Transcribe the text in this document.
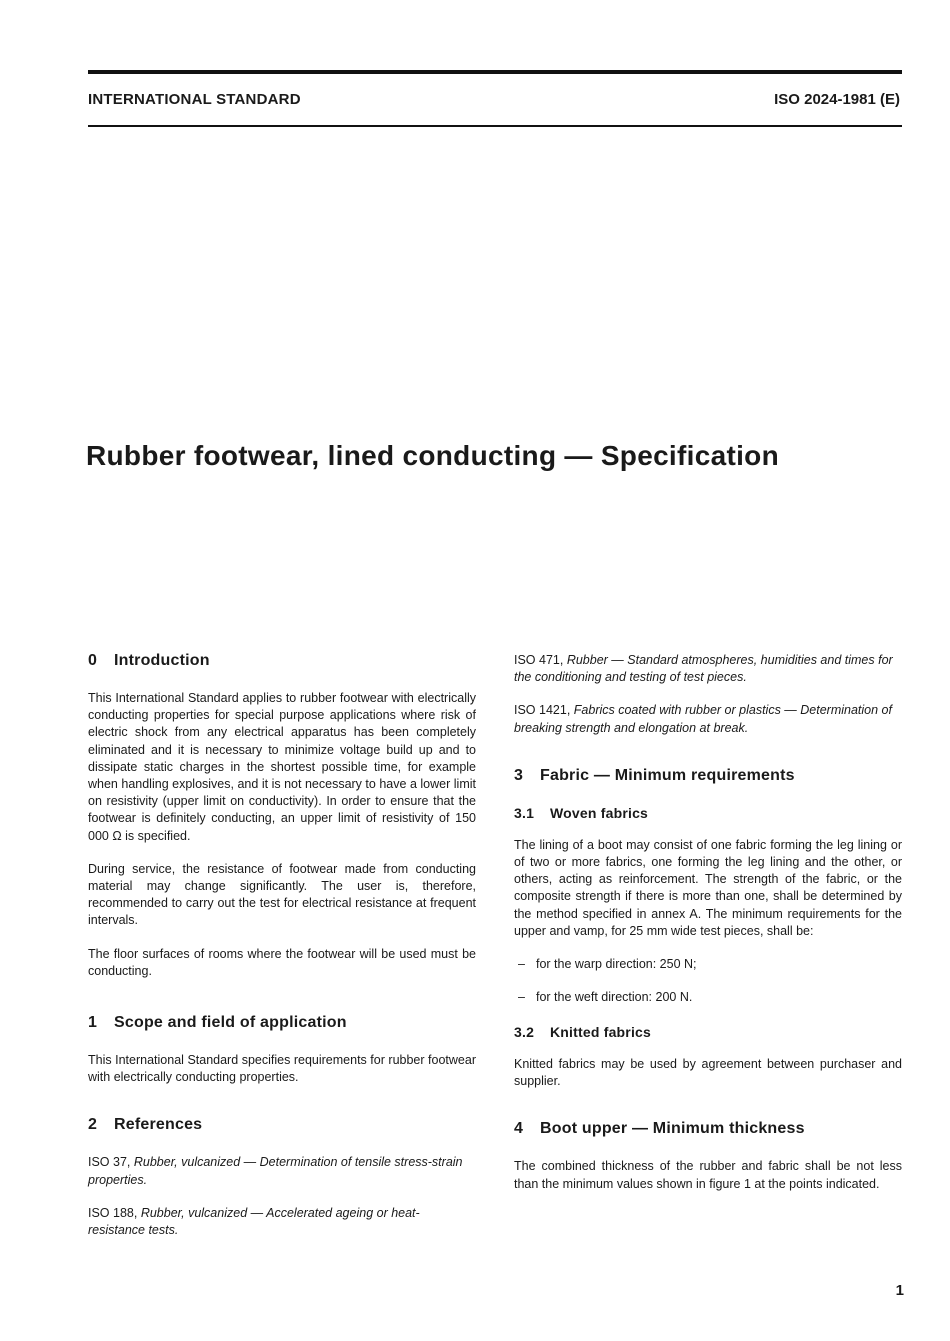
INTERNATIONAL STANDARD	ISO 2024-1981 (E)
Rubber footwear, lined conducting — Specification
0 Introduction

This International Standard applies to rubber footwear with electrically conducting properties for special purpose applications where risk of electric shock from any electrical apparatus has been completely eliminated and it is necessary to minimize voltage build up and to dissipate static charges in the shortest possible time, for example when handling explosives, and it is not necessary to have a lower limit on resistivity (upper limit on conductivity). In order to ensure that the footwear is definitely conducting, an upper limit of resistivity of 150 000 Ω is specified.

During service, the resistance of footwear made from conducting material may change significantly. The user is, therefore, recommended to carry out the test for electrical resistance at frequent intervals.

The floor surfaces of rooms where the footwear will be used must be conducting.

1 Scope and field of application

This International Standard specifies requirements for rubber footwear with electrically conducting properties.

2 References

ISO 37, Rubber, vulcanized — Determination of tensile stress-strain properties.

ISO 188, Rubber, vulcanized — Accelerated ageing or heat-resistance tests.

ISO 471, Rubber — Standard atmospheres, humidities and times for the conditioning and testing of test pieces.

ISO 1421, Fabrics coated with rubber or plastics — Determination of breaking strength and elongation at break.

3 Fabric — Minimum requirements
3.1 Woven fabrics

The lining of a boot may consist of one fabric forming the leg lining or of two or more fabrics, one forming the leg lining and the other, or others, acting as reinforcement. The strength of the fabric, or the composite strength if there is more than one, shall be determined by the method specified in annex A. The minimum requirements for the upper and vamp, for 25 mm wide test pieces, shall be:

– for the warp direction: 250 N;
– for the weft direction: 200 N.
3.2 Knitted fabrics

Knitted fabrics may be used by agreement between purchaser and supplier.

4 Boot upper — Minimum thickness

The combined thickness of the rubber and fabric shall be not less than the minimum values shown in figure 1 at the points indicated.

1
